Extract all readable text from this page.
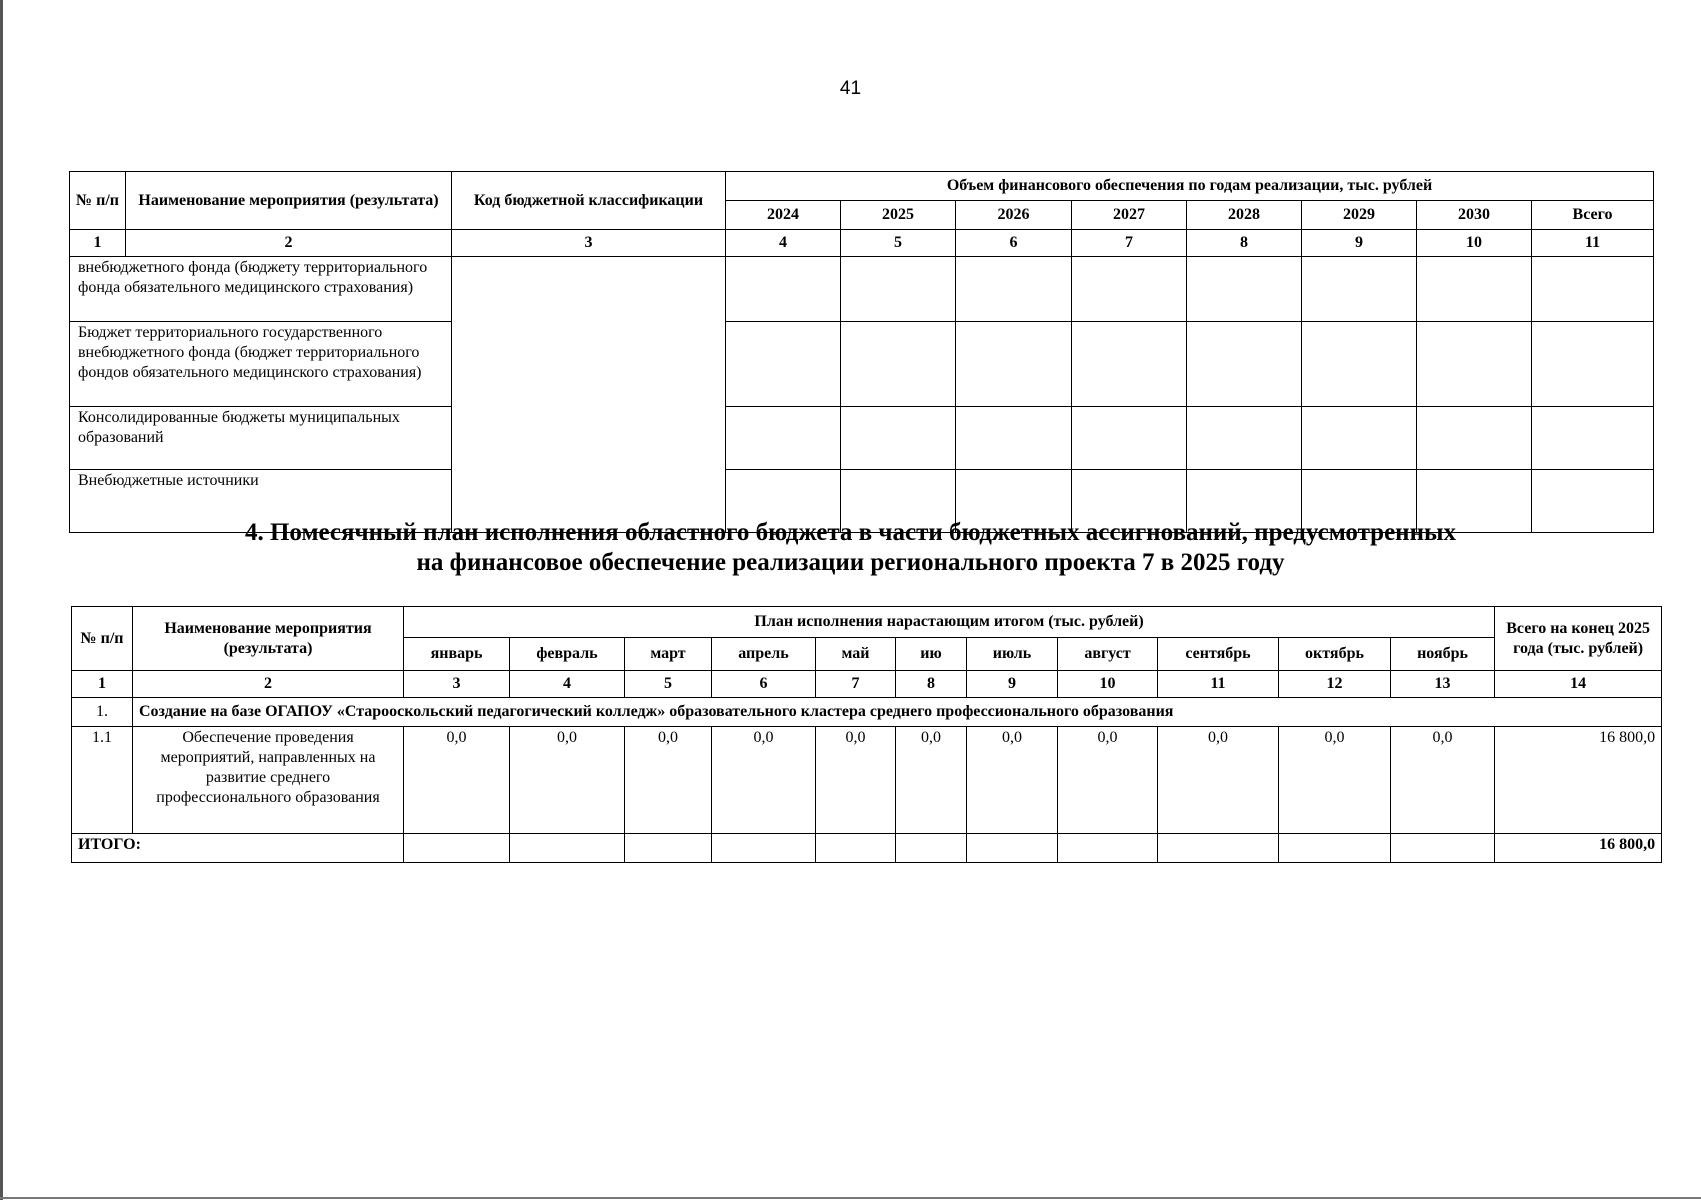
41
№ п/п	Наименование мероприятия (результата)	Код бюджетной классификации	Объем финансового обеспечения по годам реализации, тыс. рублей							
			2024	2025	2026	2027	2028	2029	2030	Всего
1	2	3	4	5	6	7	8	9	10	11
внебюджетного фонда (бюджету территориального фонда обязательного медицинского страхования)										
Бюджет территориального государственного внебюджетного фонда (бюджет территориального фондов обязательного медицинского страхования)										
Консолидированные бюджеты муниципальных образований										
Внебюджетные источники										
4. Помесячный план исполнения областного бюджета в части бюджетных ассигнований, предусмотренных
на финансовое обеспечение реализации регионального проекта 7 в 2025 году
№ п/п	Наименование мероприятия (результата)	План исполнения нарастающим итогом (тыс. рублей)											Всего на конец 2025 года (тыс. рублей)
		январь	февраль	март	апрель	май	ию	июль	август	сентябрь	октябрь	ноябрь	
1	2	3	4	5	6	7	8	9	10	11	12	13	14
1.	Создание на базе ОГАПОУ «Старооскольский педагогический колледж» образовательного кластера среднего профессионального образования												
1.1	Обеспечение проведения мероприятий, направленных на развитие среднего профессионального образования	0,0	0,0	0,0	0,0	0,0	0,0	0,0	0,0	0,0	0,0	0,0	16 800,0
ИТОГО:													16 800,0
